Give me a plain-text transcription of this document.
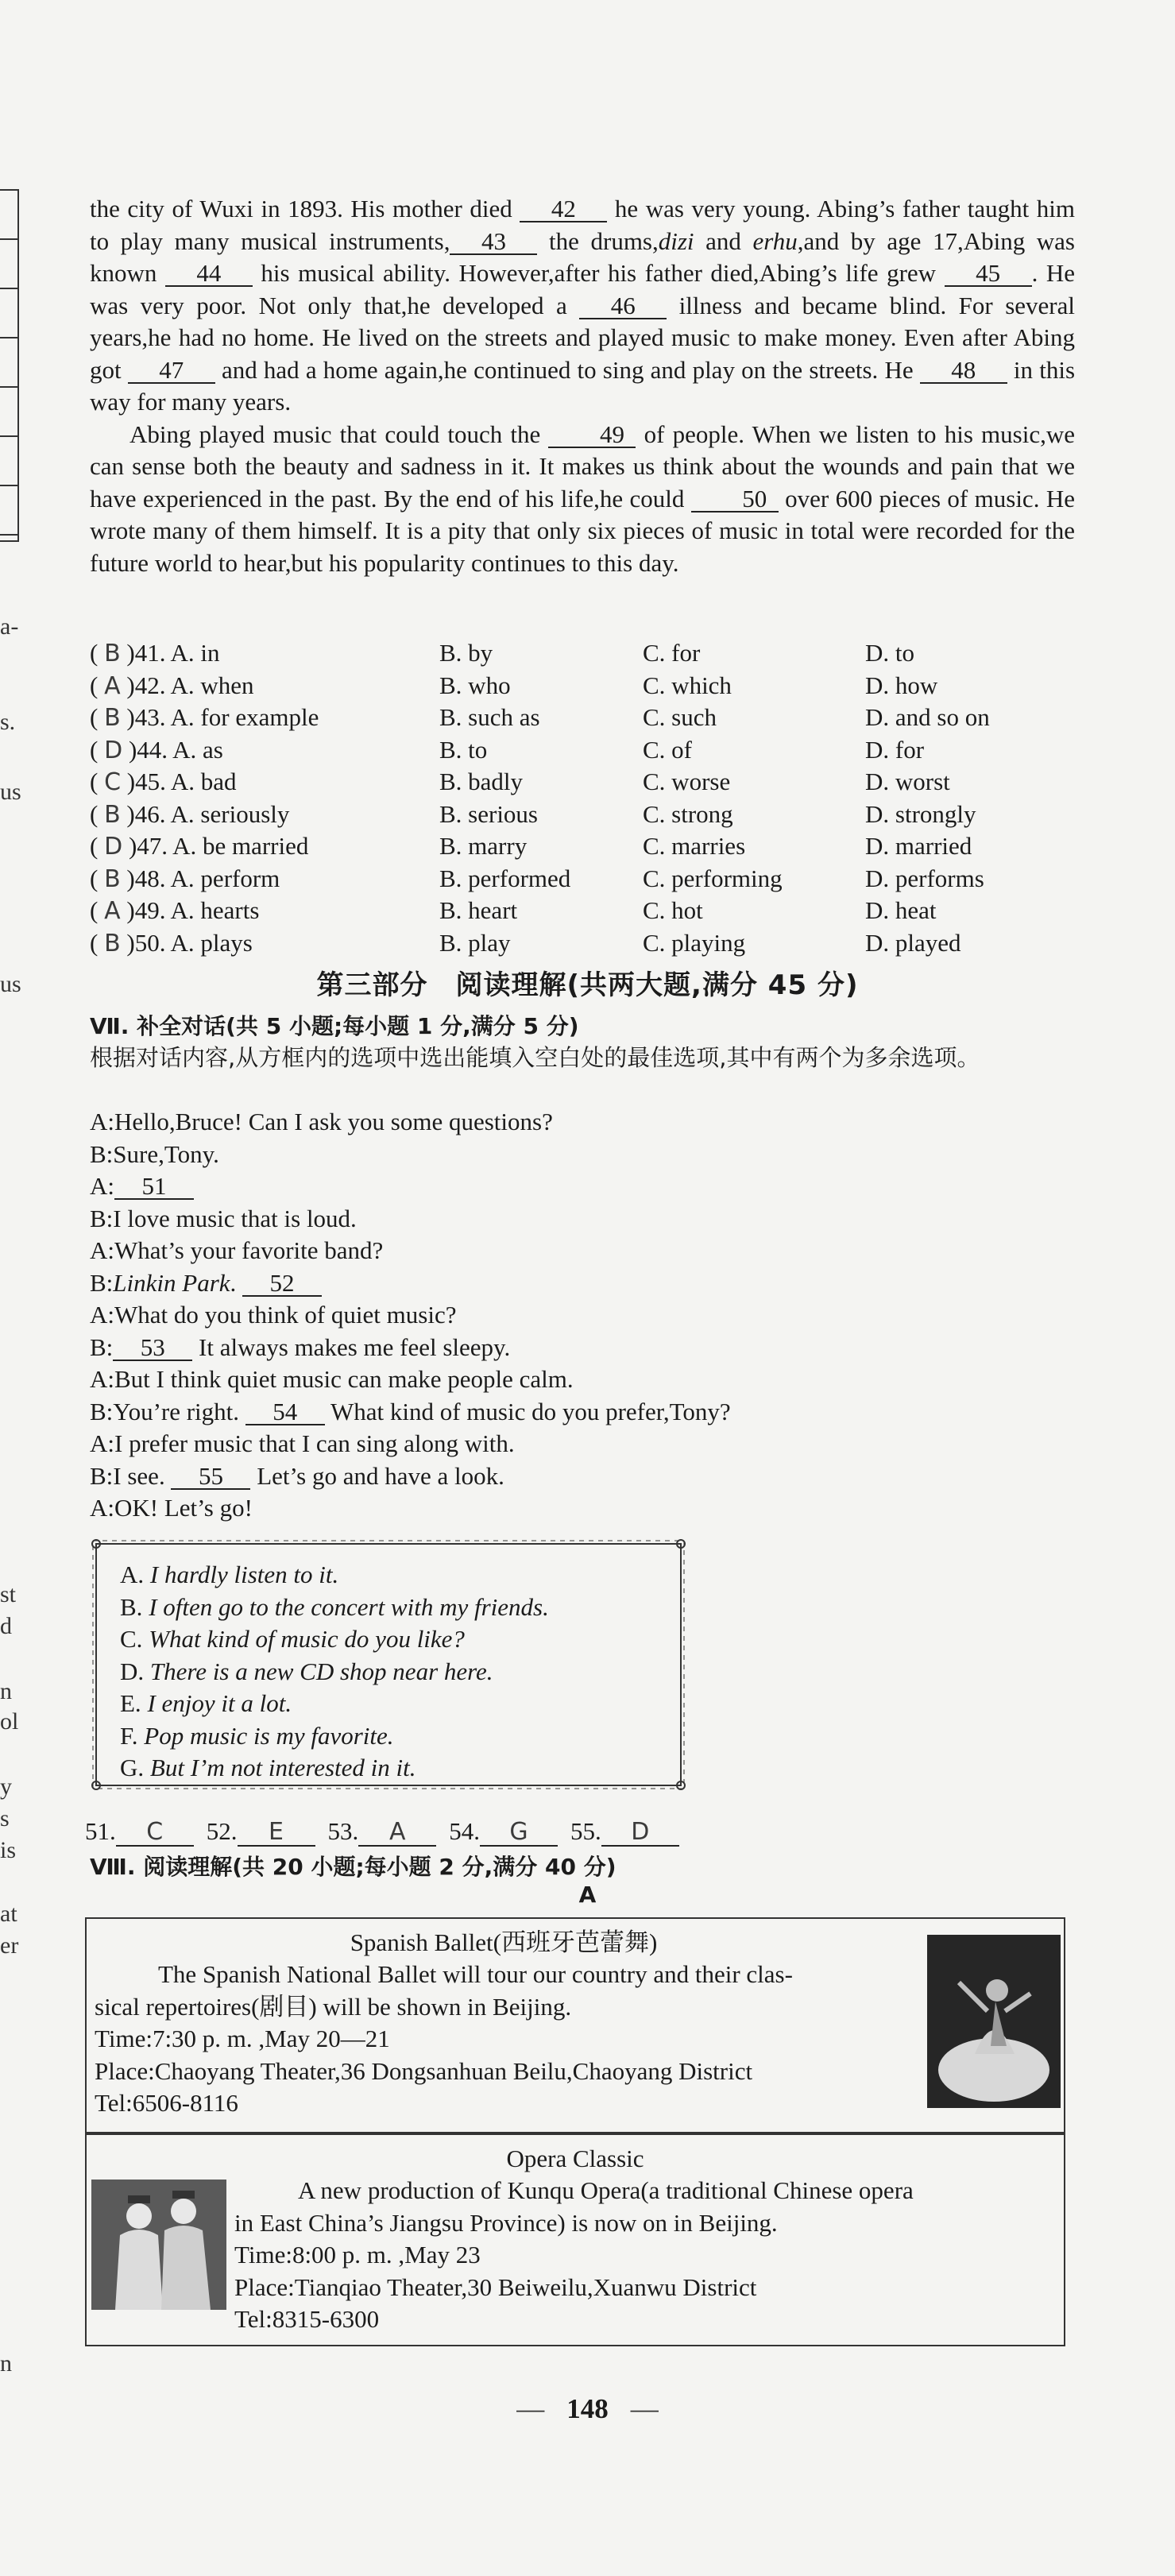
a-
s.
us
us
st
d
n
ol
y
s
is
at
er
n

the city of Wuxi in 1893. His mother died 42 he was very young. Abing’s father taught him to play many musical instruments, 43 the drums,dizi and erhu,and by age 17,Abing was known 44 his musical ability. However,after his father died,Abing’s life grew 45 . He was very poor. Not only that,he developed a 46 illness and became blind. For several years,he had no home. He lived on the streets and played music to make money. Even after Abing got 47 and had a home again,he continued to sing and play on the streets. He 48 in this way for many years.

Abing played music that could touch the 49 of people. When we listen to his music,we can sense both the beauty and sadness in it. It makes us think about the wounds and pain that we have experienced in the past. By the end of his life,he could 50 over 600 pieces of music. He wrote many of them himself. It is a pity that only six pieces of music in total were recorded for the future world to hear,but his popularity continues to this day.

( B )41. A. in	B. by	C. for	D. to
( A )42. A. when	B. who	C. which	D. how
( B )43. A. for example	B. such as	C. such	D. and so on
( D )44. A. as	B. to	C. of	D. for
( C )45. A. bad	B. badly	C. worse	D. worst
( B )46. A. seriously	B. serious	C. strong	D. strongly
( D )47. A. be married	B. marry	C. marries	D. married
( B )48. A. perform	B. performed	C. performing	D. performs
( A )49. A. hearts	B. heart	C. hot	D. heat
( B )50. A. plays	B. play	C. playing	D. played
第三部分　阅读理解(共两大题,满分 45 分)
Ⅶ. 补全对话(共 5 小题;每小题 1 分,满分 5 分)
根据对话内容,从方框内的选项中选出能填入空白处的最佳选项,其中有两个为多余选项。
A:Hello,Bruce! Can I ask you some questions?
B:Sure,Tony.
A: 51
B:I love music that is loud.
A:What’s your favorite band?
B:Linkin Park. 52
A:What do you think of quiet music?
B: 53 It always makes me feel sleepy.
A:But I think quiet music can make people calm.
B:You’re right. 54 What kind of music do you prefer,Tony?
A:I prefer music that I can sing along with.
B:I see. 55 Let’s go and have a look.
A:OK! Let’s go!
A. I hardly listen to it.
B. I often go to the concert with my friends.
C. What kind of music do you like?
D. There is a new CD shop near here.
E. I enjoy it a lot.
F. Pop music is my favorite.
G. But I’m not interested in it.
51. C	52. E	53. A	54. G	55. D
Ⅷ. 阅读理解(共 20 小题;每小题 2 分,满分 40 分)
A
Spanish Ballet(西班牙芭蕾舞)
The Spanish National Ballet will tour our country and their clas-
sical repertoires(剧目) will be shown in Beijing.
Time:7:30 p. m. ,May 20—21
Place:Chaoyang Theater,36 Dongsanhuan Beilu,Chaoyang District
Tel:6506-8116
Opera Classic
A new production of Kunqu Opera(a traditional Chinese opera
in East China’s Jiangsu Province) is now on in Beijing.
Time:8:00 p. m. ,May 23
Place:Tianqiao Theater,30 Beiweilu,Xuanwu District
Tel:8315-6300
— 148 —
